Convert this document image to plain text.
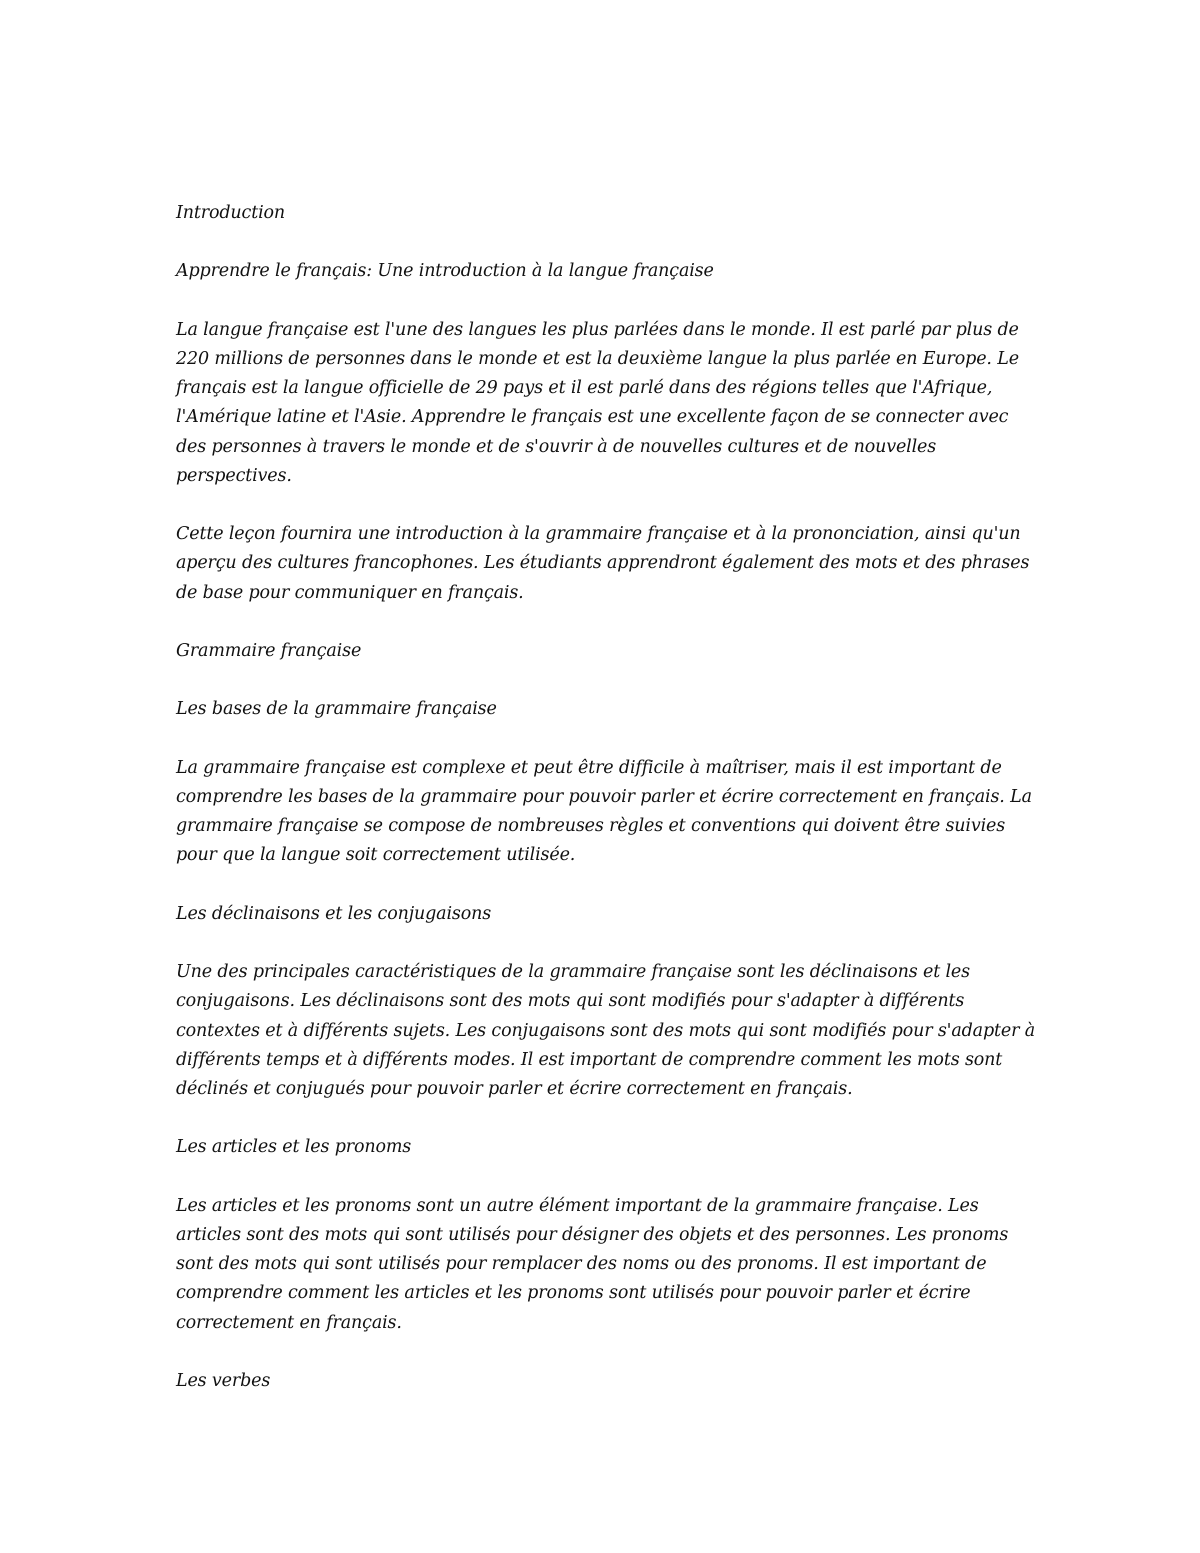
Introduction

Apprendre le français: Une introduction à la langue française

La langue française est l'une des langues les plus parlées dans le monde. Il est parlé par plus de 220 millions de personnes dans le monde et est la deuxième langue la plus parlée en Europe. Le français est la langue officielle de 29 pays et il est parlé dans des régions telles que l'Afrique, l'Amérique latine et l'Asie. Apprendre le français est une excellente façon de se connecter avec des personnes à travers le monde et de s'ouvrir à de nouvelles cultures et de nouvelles perspectives.

Cette leçon fournira une introduction à la grammaire française et à la prononciation, ainsi qu'un aperçu des cultures francophones. Les étudiants apprendront également des mots et des phrases de base pour communiquer en français.

Grammaire française

Les bases de la grammaire française

La grammaire française est complexe et peut être difficile à maîtriser, mais il est important de comprendre les bases de la grammaire pour pouvoir parler et écrire correctement en français. La grammaire française se compose de nombreuses règles et conventions qui doivent être suivies pour que la langue soit correctement utilisée.

Les déclinaisons et les conjugaisons

Une des principales caractéristiques de la grammaire française sont les déclinaisons et les conjugaisons. Les déclinaisons sont des mots qui sont modifiés pour s'adapter à différents contextes et à différents sujets. Les conjugaisons sont des mots qui sont modifiés pour s'adapter à différents temps et à différents modes. Il est important de comprendre comment les mots sont déclinés et conjugués pour pouvoir parler et écrire correctement en français.

Les articles et les pronoms

Les articles et les pronoms sont un autre élément important de la grammaire française. Les articles sont des mots qui sont utilisés pour désigner des objets et des personnes. Les pronoms sont des mots qui sont utilisés pour remplacer des noms ou des pronoms. Il est important de comprendre comment les articles et les pronoms sont utilisés pour pouvoir parler et écrire correctement en français.

Les verbes
